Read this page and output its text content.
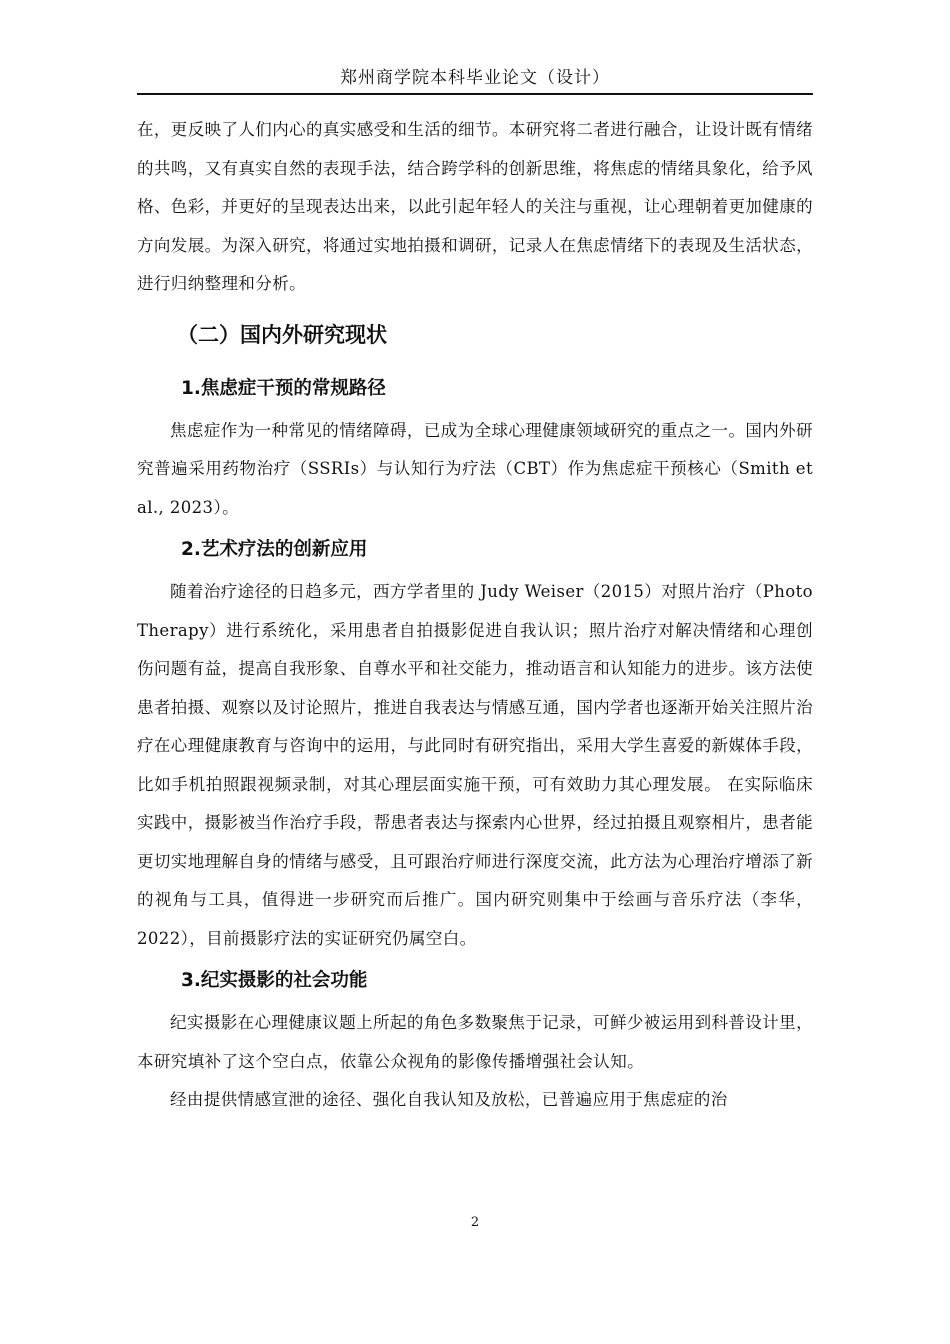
郑州商学院本科毕业论文（设计）

在，更反映了人们内心的真实感受和生活的细节。本研究将二者进行融合，让设计既有情绪的共鸣，又有真实自然的表现手法，结合跨学科的创新思维，将焦虑的情绪具象化，给予风格、色彩，并更好的呈现表达出来，以此引起年轻人的关注与重视，让心理朝着更加健康的方向发展。为深入研究，将通过实地拍摄和调研，记录人在焦虑情绪下的表现及生活状态，进行归纳整理和分析。

（二）国内外研究现状
1.焦虑症干预的常规路径

焦虑症作为一种常见的情绪障碍，已成为全球心理健康领域研究的重点之一。国内外研究普遍采用药物治疗（SSRIs）与认知行为疗法（CBT）作为焦虑症干预核心（Smith et al., 2023）。

2.艺术疗法的创新应用

随着治疗途径的日趋多元，西方学者里的 Judy Weiser（2015）对照片治疗（Photo Therapy）进行系统化，采用患者自拍摄影促进自我认识；照片治疗对解决情绪和心理创伤问题有益，提高自我形象、自尊水平和社交能力，推动语言和认知能力的进步。该方法使患者拍摄、观察以及讨论照片，推进自我表达与情感互通，国内学者也逐渐开始关注照片治疗在心理健康教育与咨询中的运用，与此同时有研究指出，采用大学生喜爱的新媒体手段，比如手机拍照跟视频录制，对其心理层面实施干预，可有效助力其心理发展。 在实际临床实践中，摄影被当作治疗手段，帮患者表达与探索内心世界，经过拍摄且观察相片，患者能更切实地理解自身的情绪与感受，且可跟治疗师进行深度交流，此方法为心理治疗增添了新的视角与工具，值得进一步研究而后推广。国内研究则集中于绘画与音乐疗法（李华，2022），目前摄影疗法的实证研究仍属空白。

3.纪实摄影的社会功能

纪实摄影在心理健康议题上所起的角色多数聚焦于记录，可鲜少被运用到科普设计里，本研究填补了这个空白点，依靠公众视角的影像传播增强社会认知。

经由提供情感宣泄的途径、强化自我认知及放松，已普遍应用于焦虑症的治

2
